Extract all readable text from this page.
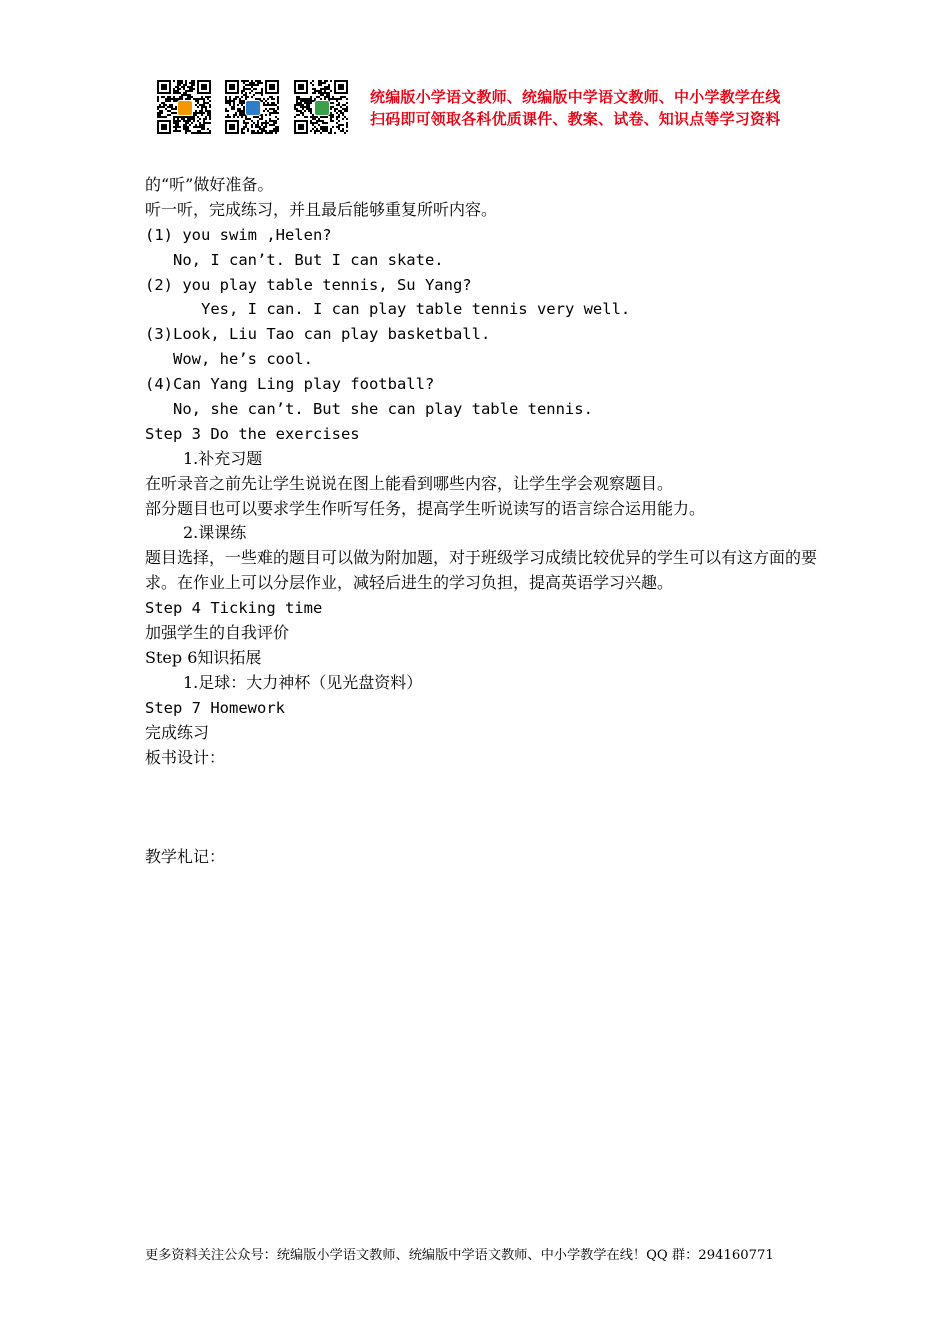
统编版小学语文教师、统编版中学语文教师、中小学教学在线
扫码即可领取各科优质课件、教案、试卷、知识点等学习资料
的“听”做好准备。
听一听，完成练习，并且最后能够重复所听内容。
(1) you swim ,Helen?
No, I can’t. But I can skate.
(2) you play table tennis, Su Yang?
Yes, I can. I can play table tennis very well.
(3)Look, Liu Tao can play basketball.
Wow, he’s cool.
(4)Can Yang Ling play football?
No, she can’t. But she can play table tennis.
Step 3 Do the exercises
1.补充习题
在听录音之前先让学生说说在图上能看到哪些内容，让学生学会观察题目。
部分题目也可以要求学生作听写任务，提高学生听说读写的语言综合运用能力。
2.课课练
题目选择，一些难的题目可以做为附加题，对于班级学习成绩比较优异的学生可以有这方面的要求。在作业上可以分层作业，减轻后进生的学习负担，提高英语学习兴趣。
Step 4 Ticking time
加强学生的自我评价
Step 6知识拓展
1.足球：大力神杯（见光盘资料）
Step 7 Homework
完成练习
板书设计：
教学札记：
更多资料关注公众号：统编版小学语文教师、统编版中学语文教师、中小学教学在线！QQ 群：294160771
